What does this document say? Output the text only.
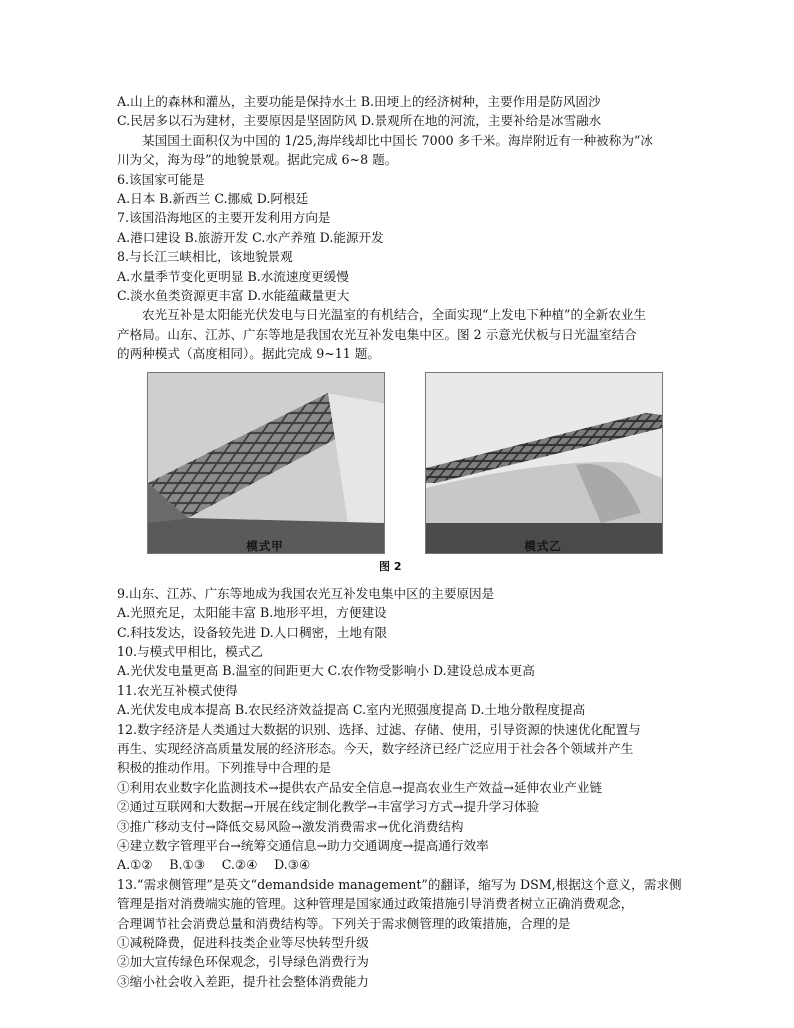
A.山上的森林和灌丛，主要功能是保持水土 B.田埂上的经济树种，主要作用是防风固沙

C.民居多以石为建材，主要原因是坚固防风 D.景观所在地的河流，主要补给是冰雪融水

某国国土面积仅为中国的 1/25,海岸线却比中国长 7000 多千米。海岸附近有一种被称为“冰

川为父，海为母”的地貌景观。据此完成 6~8 题。

6.该国家可能是

A.日本 B.新西兰 C.挪威 D.阿根廷

7.该国沿海地区的主要开发利用方向是

A.港口建设 B.旅游开发 C.水产养殖 D.能源开发

8.与长江三峡相比，该地貌景观

A.水量季节变化更明显 B.水流速度更缓慢

C.淡水鱼类资源更丰富 D.水能蕴藏量更大

农光互补是太阳能光伏发电与日光温室的有机结合，全面实现“上发电下种植”的全新农业生

产格局。山东、江苏、广东等地是我国农光互补发电集中区。图 2 示意光伏板与日光温室结合

的两种模式（高度相同）。据此完成 9~11 题。

模式甲	模式乙
图 2

9.山东、江苏、广东等地成为我国农光互补发电集中区的主要原因是

A.光照充足，太阳能丰富 B.地形平坦，方便建设

C.科技发达，设备较先进 D.人口稠密，土地有限

10.与模式甲相比，模式乙

A.光伏发电量更高 B.温室的间距更大 C.农作物受影响小 D.建设总成本更高

11.农光互补模式使得

A.光伏发电成本提高 B.农民经济效益提高 C.室内光照强度提高 D.土地分散程度提高

12.数字经济是人类通过大数据的识别、选择、过滤、存储、使用，引导资源的快速优化配置与

再生、实现经济高质量发展的经济形态。今天，数字经济已经广泛应用于社会各个领域并产生

积极的推动作用。下列推导中合理的是

①利用农业数字化监测技术→提供农产品安全信息→提高农业生产效益→延伸农业产业链

②通过互联网和大数据→开展在线定制化教学→丰富学习方式→提升学习体验

③推广移动支付→降低交易风险→激发消费需求→优化消费结构

④建立数字管理平台→统筹交通信息→助力交通调度→提高通行效率

A.①②　 B.①③　 C.②④　 D.③④

13.“需求侧管理”是英文“demandside management”的翻译，缩写为 DSM,根据这个意义，需求侧

管理是指对消费端实施的管理。这种管理是国家通过政策措施引导消费者树立正确消费观念，

合理调节社会消费总量和消费结构等。下列关于需求侧管理的政策措施，合理的是

①减税降费，促进科技类企业等尽快转型升级

②加大宣传绿色环保观念，引导绿色消费行为

③缩小社会收入差距，提升社会整体消费能力
